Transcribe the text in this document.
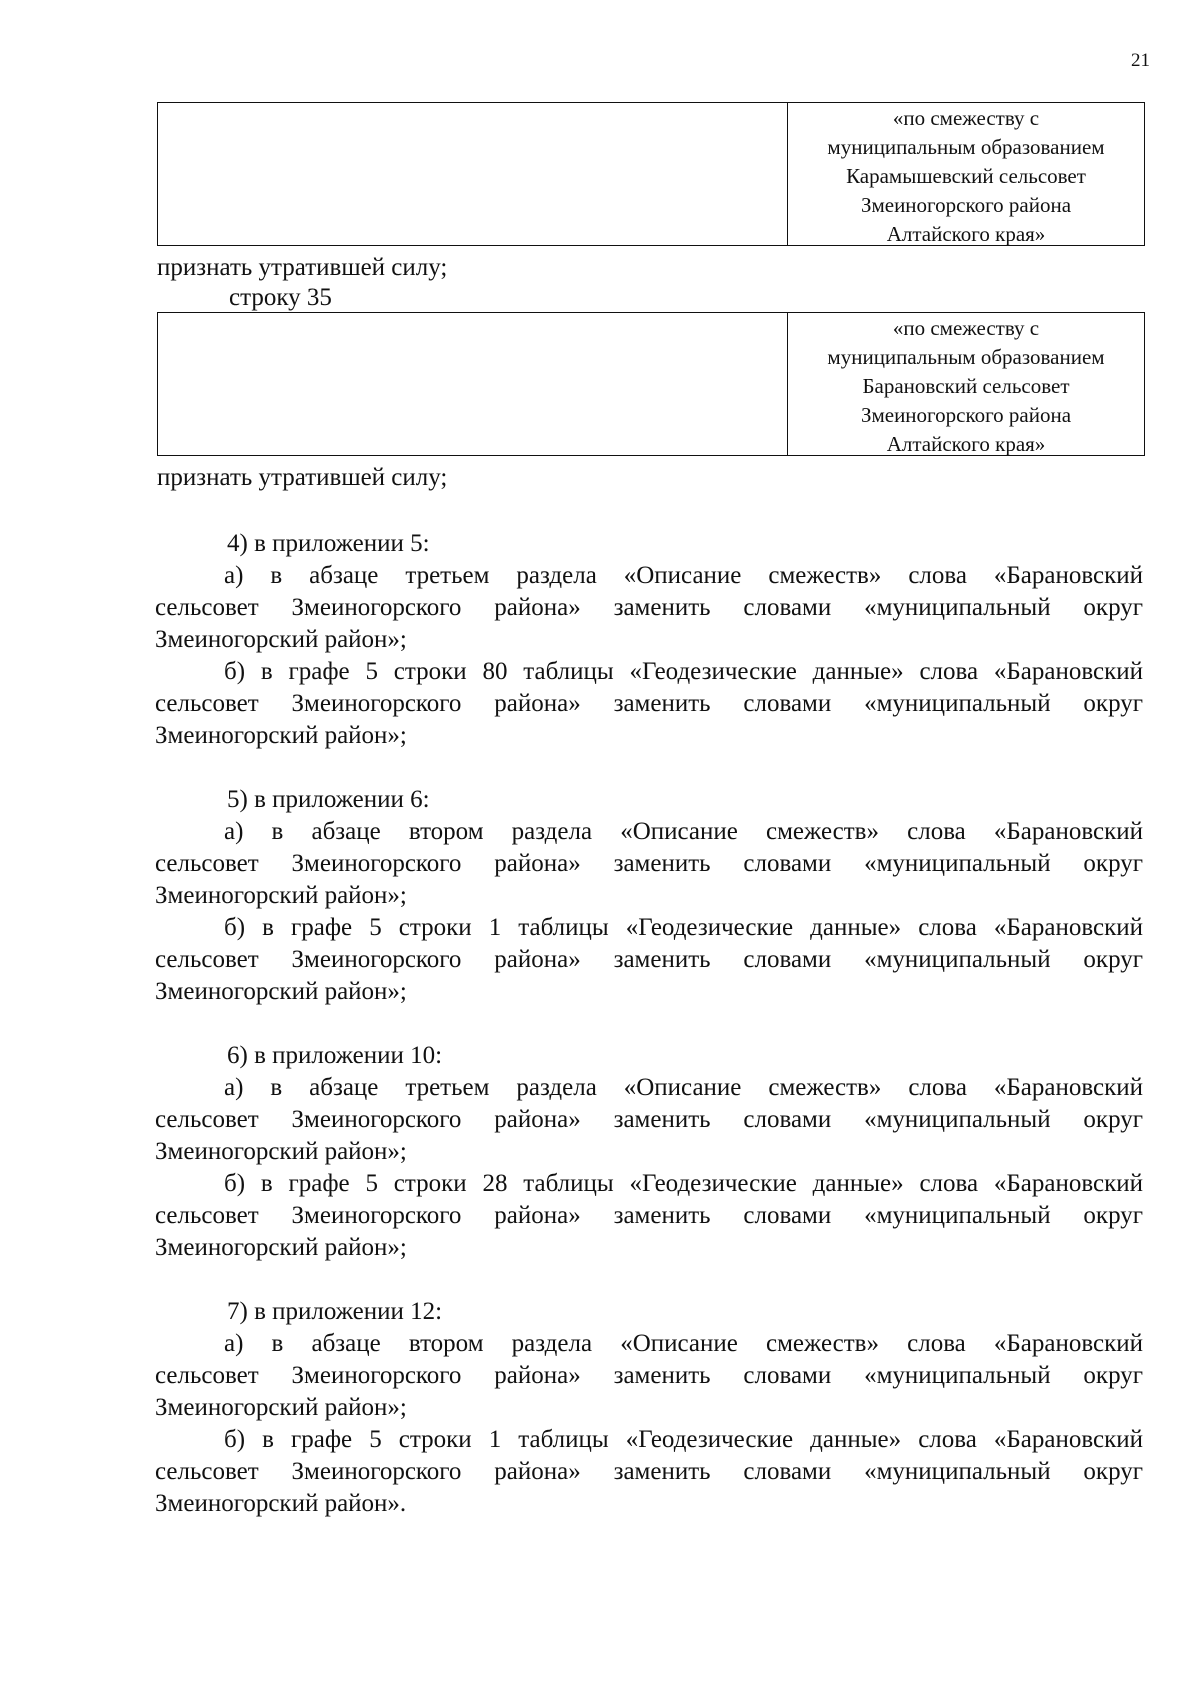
21
«по смежеству с
муниципальным образованием
Карамышевский сельсовет
Змеиногорского района
Алтайского края»
признать утратившей силу;
строку 35
«по смежеству с
муниципальным образованием
Барановский сельсовет
Змеиногорского района
Алтайского края»
признать утратившей силу;
4) в приложении 5:
а) в абзаце третьем раздела «Описание смежеств» слова «Барановский
сельсовет Змеиногорского района» заменить словами «муниципальный округ
Змеиногорский район»;
б) в графе 5 строки 80 таблицы «Геодезические данные» слова «Барановский
сельсовет Змеиногорского района» заменить словами «муниципальный округ
Змеиногорский район»;
5) в приложении 6:
а) в абзаце втором раздела «Описание смежеств» слова «Барановский
сельсовет Змеиногорского района» заменить словами «муниципальный округ
Змеиногорский район»;
б) в графе 5 строки 1 таблицы «Геодезические данные» слова «Барановский
сельсовет Змеиногорского района» заменить словами «муниципальный округ
Змеиногорский район»;
6) в приложении 10:
а) в абзаце третьем раздела «Описание смежеств» слова «Барановский
сельсовет Змеиногорского района» заменить словами «муниципальный округ
Змеиногорский район»;
б) в графе 5 строки 28 таблицы «Геодезические данные» слова «Барановский
сельсовет Змеиногорского района» заменить словами «муниципальный округ
Змеиногорский район»;
7) в приложении 12:
а) в абзаце втором раздела «Описание смежеств» слова «Барановский
сельсовет Змеиногорского района» заменить словами «муниципальный округ
Змеиногорский район»;
б) в графе 5 строки 1 таблицы «Геодезические данные» слова «Барановский
сельсовет Змеиногорского района» заменить словами «муниципальный округ
Змеиногорский район».
